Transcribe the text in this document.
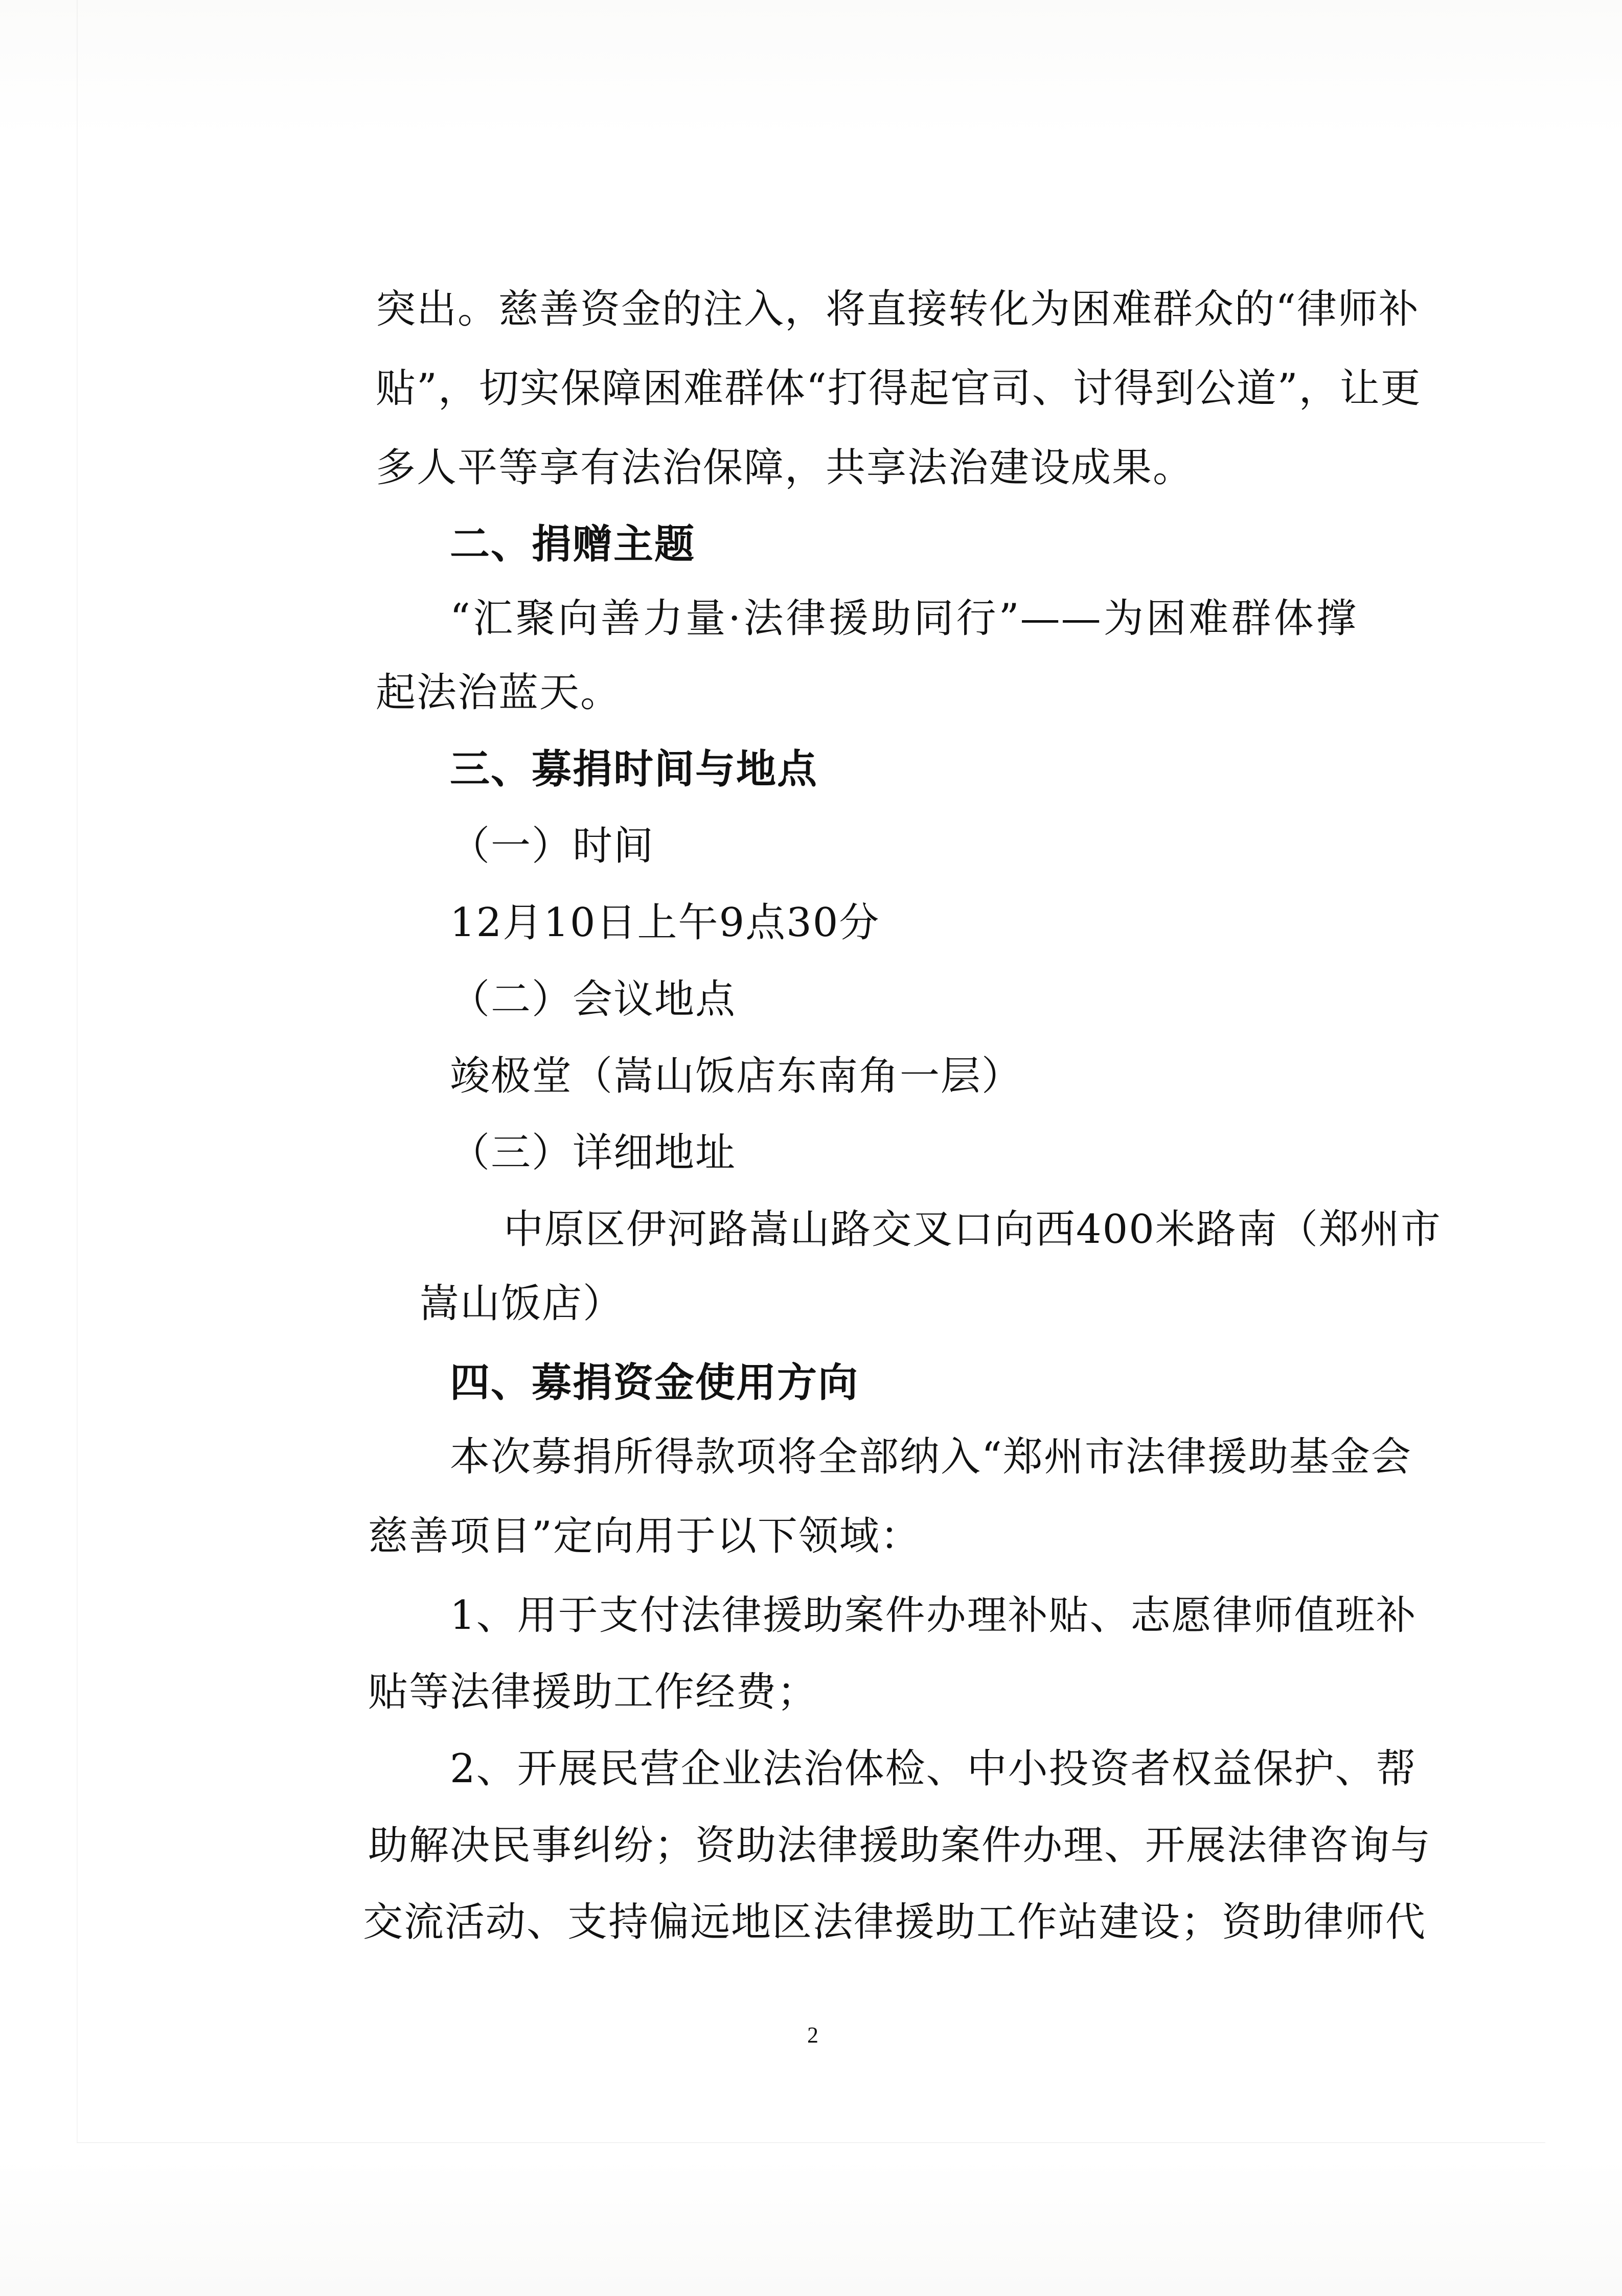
突出。慈善资金的注入，将直接转化为困难群众的“律师补
贴”，切实保障困难群体“打得起官司、讨得到公道”，让更
多人平等享有法治保障，共享法治建设成果。
二、捐赠主题
“汇聚向善力量·法律援助同行”——为困难群体撑
起法治蓝天。
三、募捐时间与地点
（一）时间
12月10日上午9点30分
（二）会议地点
竣极堂（嵩山饭店东南角一层）
（三）详细地址
中原区伊河路嵩山路交叉口向西400米路南（郑州市
嵩山饭店）
四、募捐资金使用方向
本次募捐所得款项将全部纳入“郑州市法律援助基金会
慈善项目”定向用于以下领域：
1、用于支付法律援助案件办理补贴、志愿律师值班补
贴等法律援助工作经费；
2、开展民营企业法治体检、中小投资者权益保护、帮
助解决民事纠纷；资助法律援助案件办理、开展法律咨询与
交流活动、支持偏远地区法律援助工作站建设；资助律师代
2
